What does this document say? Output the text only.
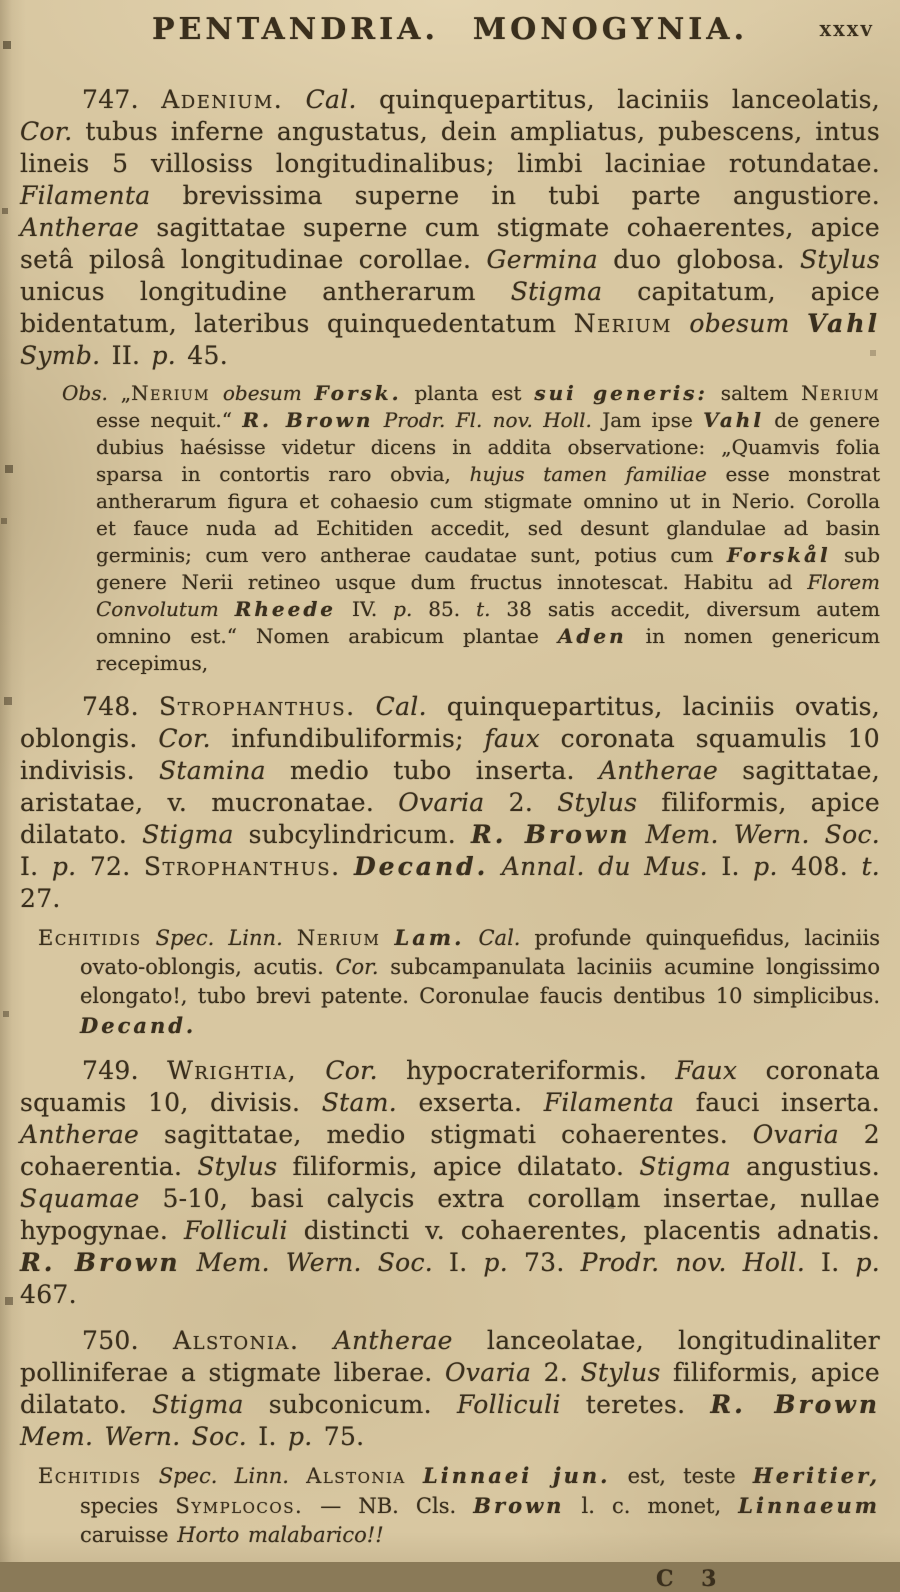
PENTANDRIA. MONOGYNIA.	xxxv

747. Adenium. Cal. quinquepartitus, laciniis lanceolatis, Cor. tubus inferne angustatus, dein ampliatus, pubescens, intus lineis 5 villosiss longitudinalibus; limbi laciniae rotundatae. Filamenta brevissima superne in tubi parte angustiore. Antherae sagittatae superne cum stigmate cohaerentes, apice setâ pilosâ longitudinae corollae. Germina duo globosa. Stylus unicus longitudine antherarum Stigma capitatum, apice bidentatum, lateribus quinquedentatum Nerium obesum Vahl Symb. II. p. 45.

Obs. „Nerium obesum Forsk. planta est sui generis: saltem Nerium esse nequit.“ R. Brown Prodr. Fl. nov. Holl. Jam ipse Vahl de genere dubius haésisse videtur dicens in addita observatione: „Quamvis folia sparsa in contortis raro obvia, hujus tamen familiae esse monstrat antherarum figura et cohaesio cum stigmate omnino ut in Nerio. Corolla et fauce nuda ad Echitiden accedit, sed desunt glandulae ad basin germinis; cum vero antherae caudatae sunt, potius cum Forskål sub genere Nerii retineo usque dum fructus innotescat. Habitu ad Florem Convolutum Rheede IV. p. 85. t. 38 satis accedit, diversum autem omnino est.“ Nomen arabicum plantae Aden in nomen genericum recepimus,

748. Strophanthus. Cal. quinquepartitus, laciniis ovatis, oblongis. Cor. infundibuliformis; faux coronata squamulis 10 indivisis. Stamina medio tubo inserta. Antherae sagittatae, aristatae, v. mucronatae. Ovaria 2. Stylus filiformis, apice dilatato. Stigma subcylindricum. R. Brown Mem. Wern. Soc. I. p. 72. Strophanthus. Decand. Annal. du Mus. I. p. 408. t. 27.

Echitidis Spec. Linn. Nerium Lam. Cal. profunde quinquefidus, laciniis ovato-oblongis, acutis. Cor. subcampanulata laciniis acumine longissimo elongato!, tubo brevi patente. Coronulae faucis dentibus 10 simplicibus. Decand.

749. Wrightia, Cor. hypocrateriformis. Faux coronata squamis 10, divisis. Stam. exserta. Filamenta fauci inserta. Antherae sagittatae, medio stigmati cohaerentes. Ovaria 2 cohaerentia. Stylus filiformis, apice dilatato. Stigma angustius. Squamae 5-10, basi calycis extra corollam insertae, nullae hypogynae. Folliculi distincti v. cohaerentes, placentis adnatis. R. Brown Mem. Wern. Soc. I. p. 73. Prodr. nov. Holl. I. p. 467.

750. Alstonia. Antherae lanceolatae, longitudinaliter polliniferae a stigmate liberae. Ovaria 2. Stylus filiformis, apice dilatato. Stigma subconicum. Folliculi teretes. R. Brown Mem. Wern. Soc. I. p. 75.

Echitidis Spec. Linn. Alstonia Linnaei jun. est, teste Heritier, species Symplocos. — NB. Cls. Brown l. c. monet, Linnaeum caruisse Horto malabarico!!

C 3
